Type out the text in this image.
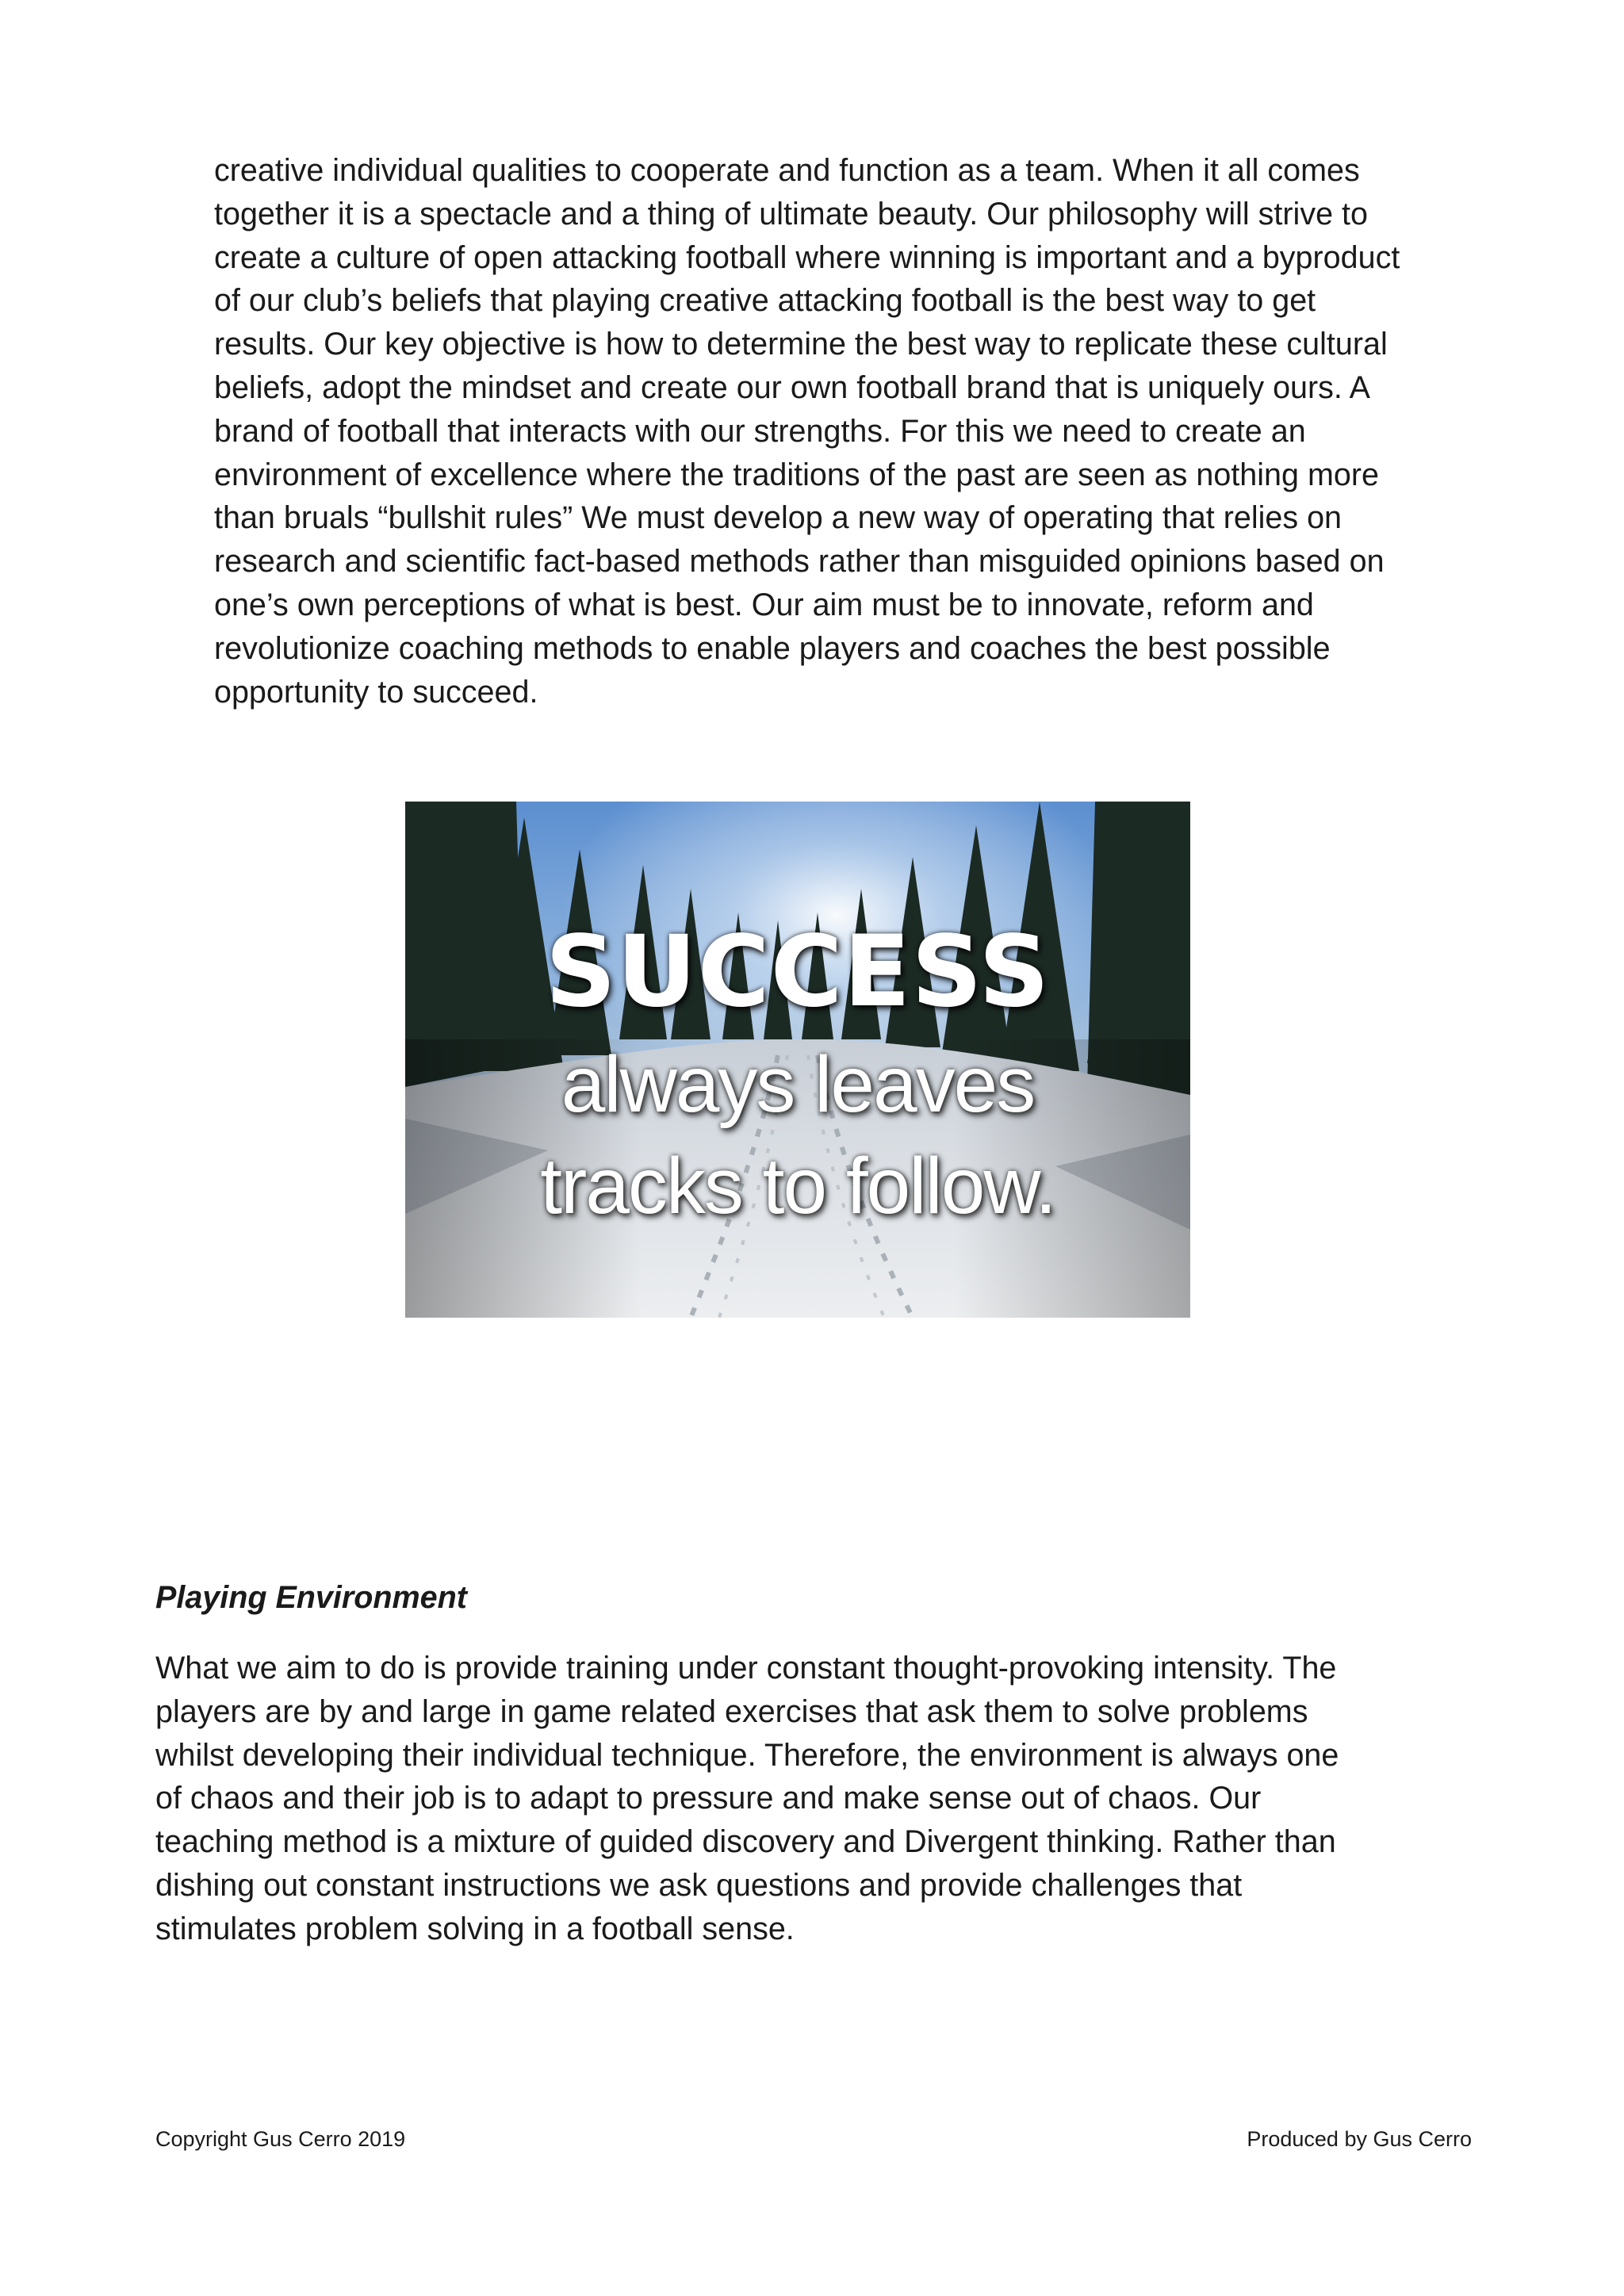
creative individual qualities to cooperate and function as a team. When it all comes
together it is a spectacle and a thing of ultimate beauty. Our philosophy will strive to
create a culture of open attacking football where winning is important and a byproduct
of our club’s beliefs that playing creative attacking football is the best way to get
results. Our key objective is how to determine the best way to replicate these cultural
beliefs, adopt the mindset and create our own football brand that is uniquely ours. A
brand of football that interacts with our strengths. For this we need to create an
environment of excellence where the traditions of the past are seen as nothing more
than bruals “bullshit rules” We must develop a new way of operating that relies on
research and scientific fact-based methods rather than misguided opinions based on
one’s own perceptions of what is best. Our aim must be to innovate, reform and
revolutionize coaching methods to enable players and coaches the best possible
opportunity to succeed.

SUCCESS
always leaves
tracks to follow.
Playing Environment

What we aim to do is provide training under constant thought-provoking intensity. The
players are by and large in game related exercises that ask them to solve problems
whilst developing their individual technique. Therefore, the environment is always one
of chaos and their job is to adapt to pressure and make sense out of chaos. Our
teaching method is a mixture of guided discovery and Divergent thinking. Rather than
dishing out constant instructions we ask questions and provide challenges that
stimulates problem solving in a football sense.

Copyright Gus Cerro 2019	Produced by Gus Cerro
